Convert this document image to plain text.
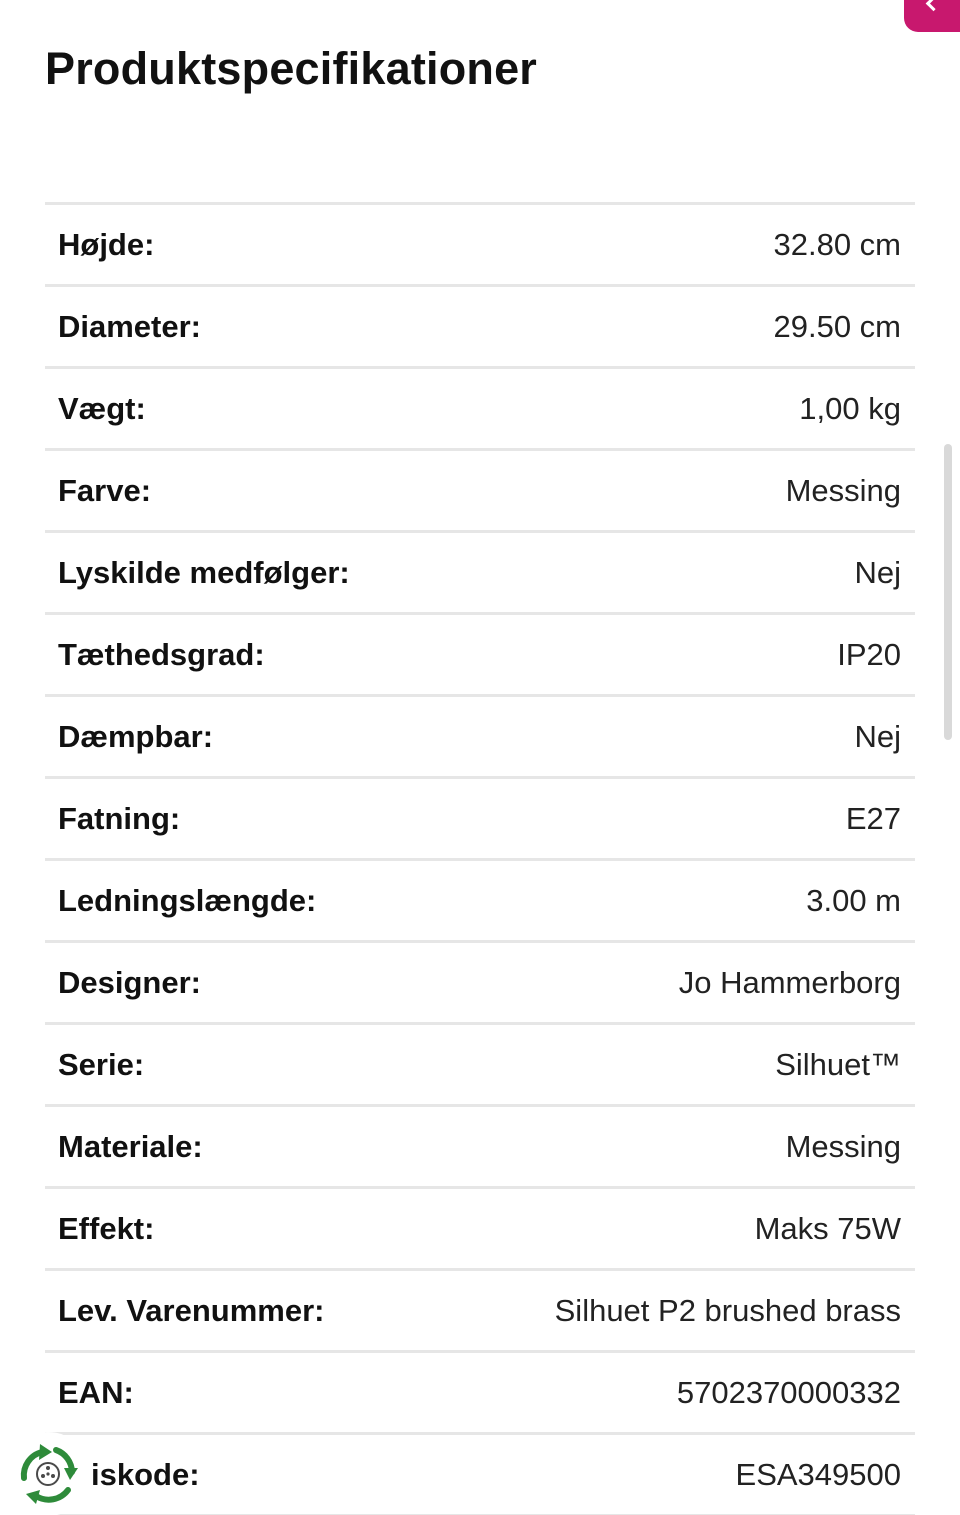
Produktspecifikationer
Højde:	32.80 cm
Diameter:	29.50 cm
Vægt:	1,00 kg
Farve:	Messing
Lyskilde medfølger:	Nej
Tæthedsgrad:	IP20
Dæmpbar:	Nej
Fatning:	E27
Ledningslængde:	3.00 m
Designer:	Jo Hammerborg
Serie:	Silhuet™
Materiale:	Messing
Effekt:	Maks 75W
Lev. Varenummer:	Silhuet P2 brushed brass
EAN:	5702370000332
iskode:	ESA349500
